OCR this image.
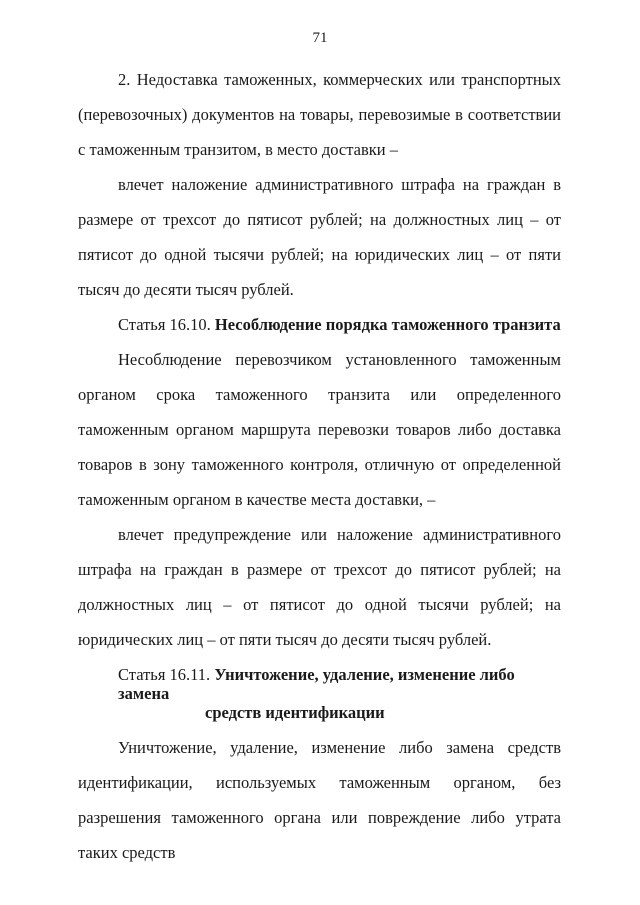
71

2. Недоставка таможенных, коммерческих или транспортных (перевозочных) документов на товары, перевозимые в соответствии с таможенным транзитом, в место доставки –

влечет наложение административного штрафа на граждан в размере от трехсот до пятисот рублей; на должностных лиц – от пятисот до одной тысячи рублей; на юридических лиц – от пяти тысяч до десяти тысяч рублей.

Статья 16.10. Несоблюдение порядка таможенного транзита

Несоблюдение перевозчиком установленного таможенным органом срока таможенного транзита или определенного таможенным органом маршрута перевозки товаров либо доставка товаров в зону таможенного контроля, отличную от определенной таможенным органом в качестве места доставки, –

влечет предупреждение или наложение административного штрафа на граждан в размере от трехсот до пятисот рублей; на должностных лиц – от пятисот до одной тысячи рублей; на юридических лиц – от пяти тысяч до десяти тысяч рублей.

Статья 16.11. Уничтожение, удаление, изменение либо замена
средств идентификации

Уничтожение, удаление, изменение либо замена средств идентификации, используемых таможенным органом, без разрешения таможенного органа или повреждение либо утрата таких средств
